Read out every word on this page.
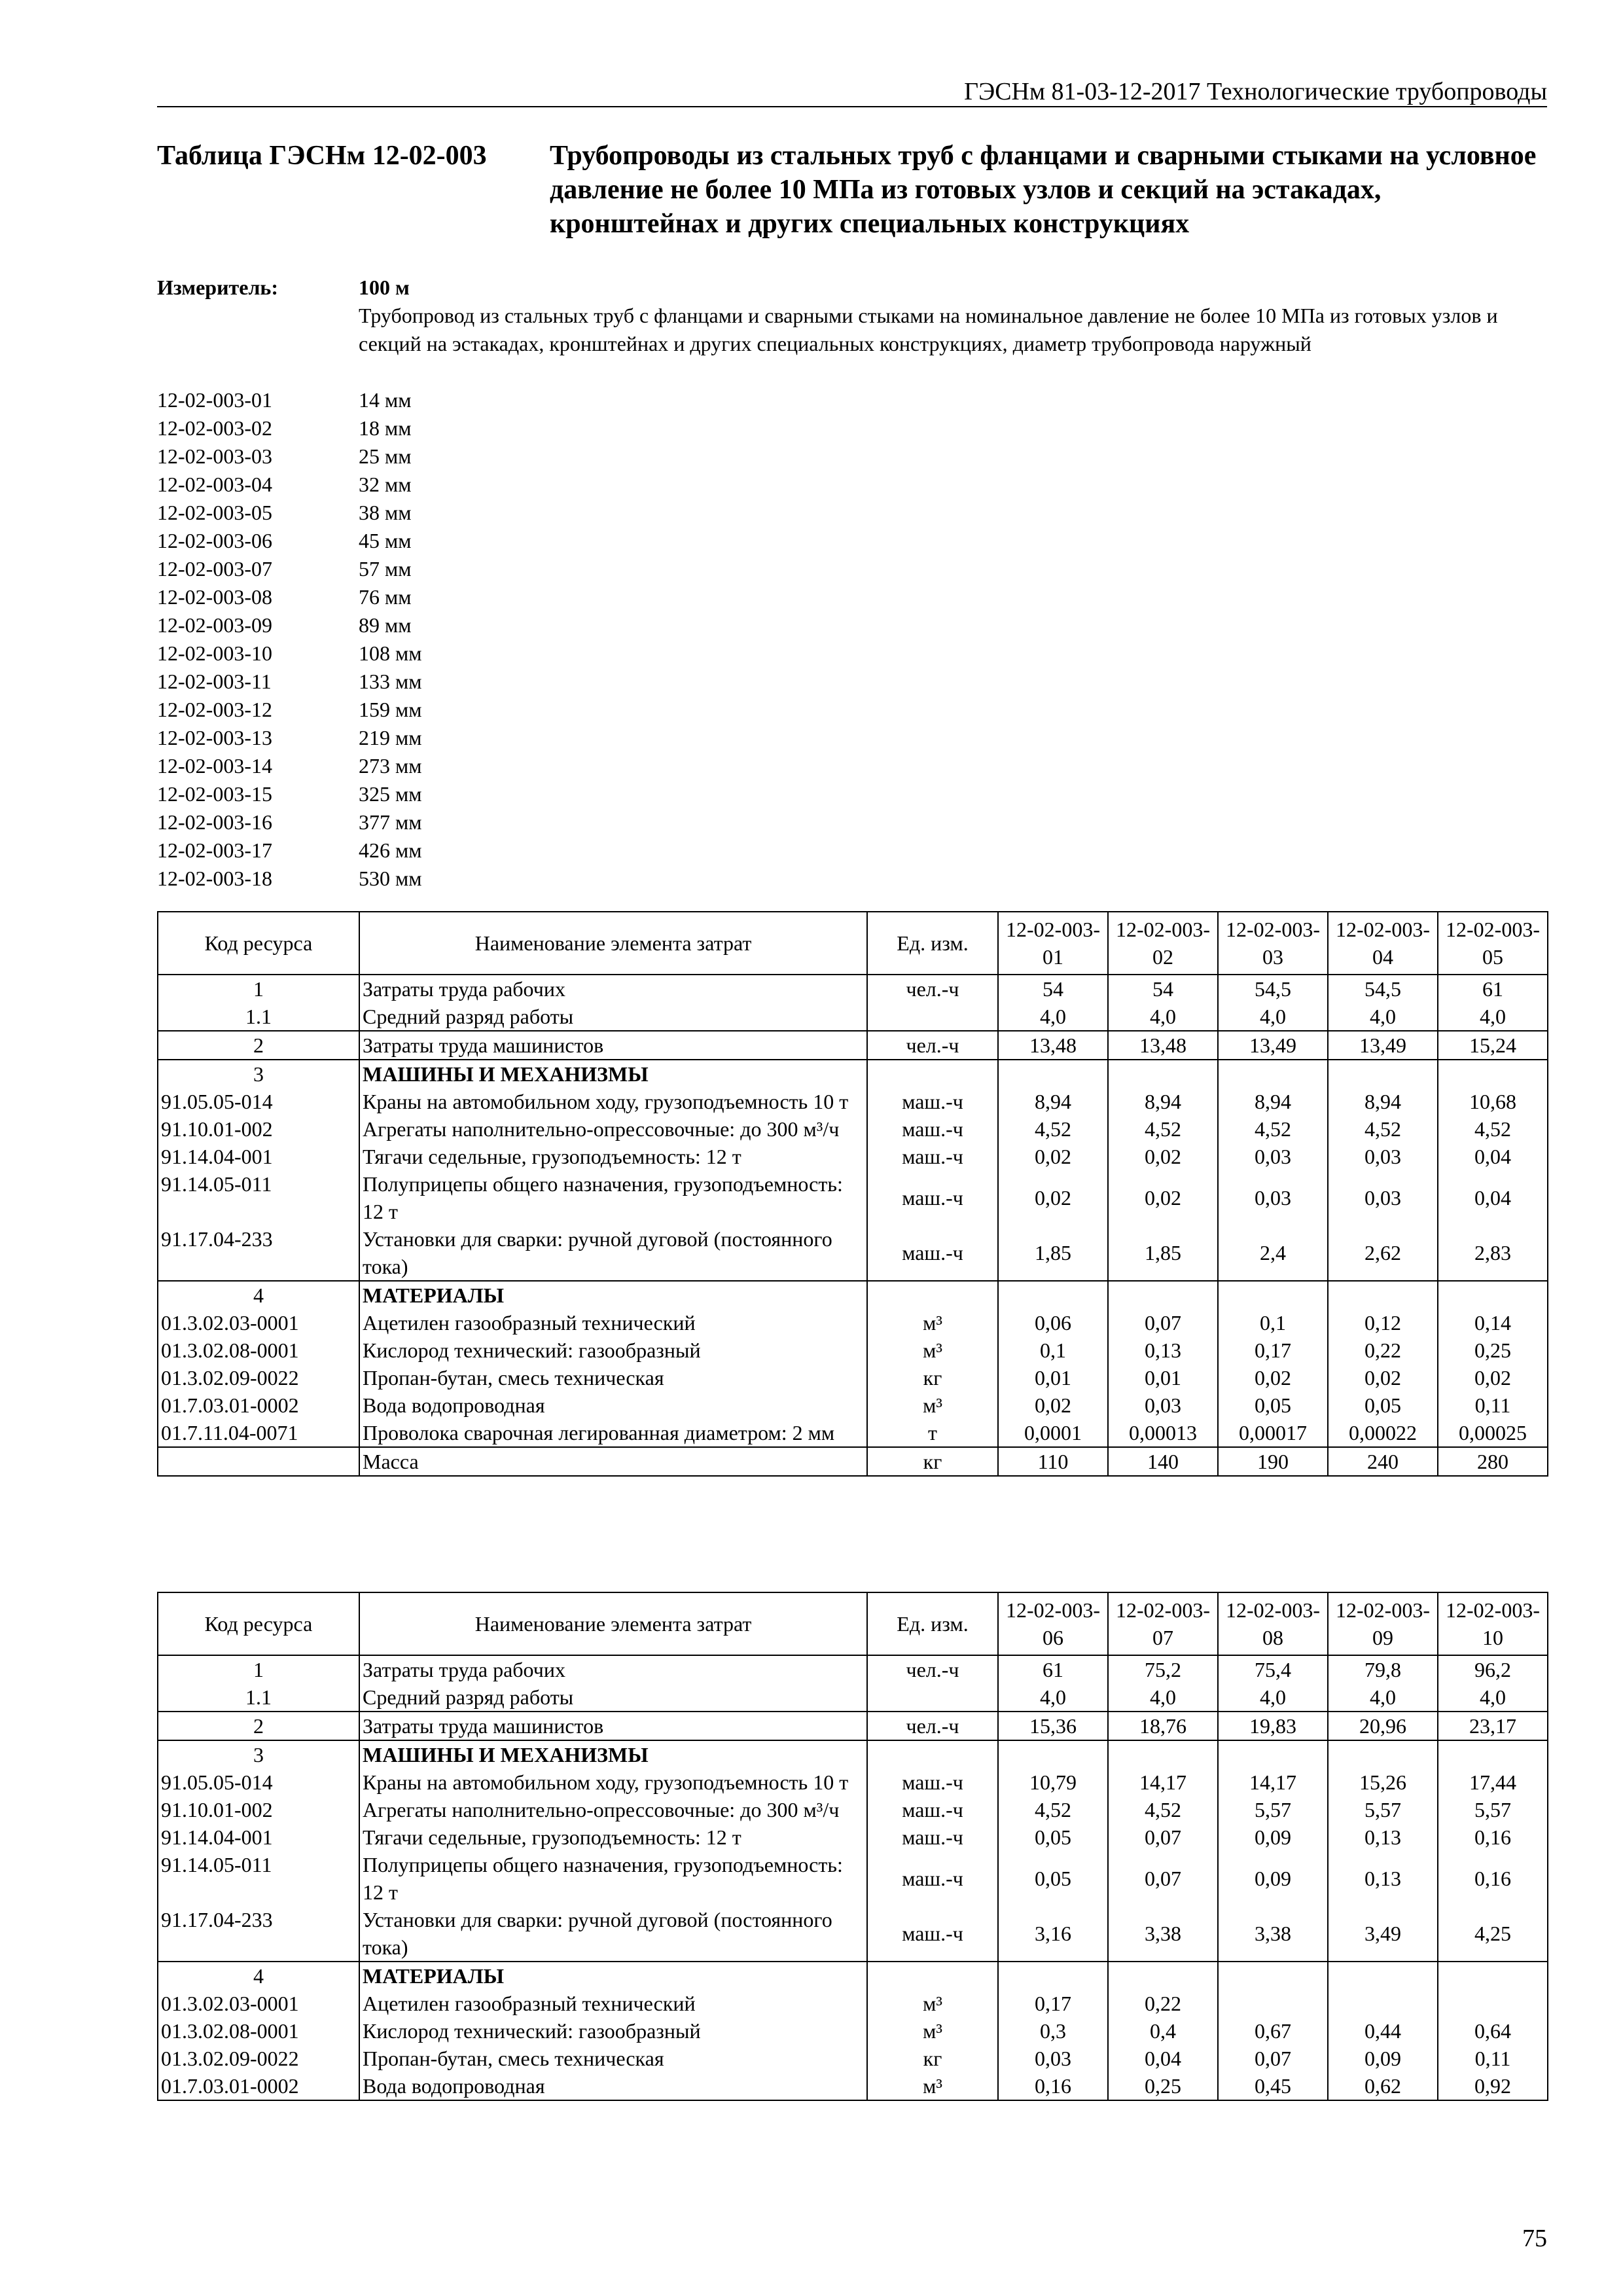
ГЭСНм 81-03-12-2017 Технологические трубопроводы
Таблица ГЭСНм 12-02-003	Трубопроводы из стальных труб с фланцами и сварными стыками на условное давление не более 10 МПа из готовых узлов и секций на эстакадах, кронштейнах и других специальных конструкциях
Измеритель:	100 м
Трубопровод из стальных труб с фланцами и сварными стыками на номинальное давление не более 10 МПа из готовых узлов и секций на эстакадах, кронштейнах и других специальных конструкциях, диаметр трубопровода наружный
12-02-003-01	14 мм
12-02-003-02	18 мм
12-02-003-03	25 мм
12-02-003-04	32 мм
12-02-003-05	38 мм
12-02-003-06	45 мм
12-02-003-07	57 мм
12-02-003-08	76 мм
12-02-003-09	89 мм
12-02-003-10	108 мм
12-02-003-11	133 мм
12-02-003-12	159 мм
12-02-003-13	219 мм
12-02-003-14	273 мм
12-02-003-15	325 мм
12-02-003-16	377 мм
12-02-003-17	426 мм
12-02-003-18	530 мм
Код ресурса	Наименование элемента затрат	Ед. изм.	12-02-003-01	12-02-003-02	12-02-003-03	12-02-003-04	12-02-003-05
1	Затраты труда рабочих	чел.-ч	54	54	54,5	54,5	61
1.1	Средний разряд работы		4,0	4,0	4,0	4,0	4,0
2	Затраты труда машинистов	чел.-ч	13,48	13,48	13,49	13,49	15,24
3	МАШИНЫ И МЕХАНИЗМЫ						
91.05.05-014	Краны на автомобильном ходу, грузоподъемность 10 т	маш.-ч	8,94	8,94	8,94	8,94	10,68
91.10.01-002	Агрегаты наполнительно-опрессовочные: до 300 м³/ч	маш.-ч	4,52	4,52	4,52	4,52	4,52
91.14.04-001	Тягачи седельные, грузоподъемность: 12 т	маш.-ч	0,02	0,02	0,03	0,03	0,04
91.14.05-011	Полуприцепы общего назначения, грузоподъемность: 12 т	маш.-ч	0,02	0,02	0,03	0,03	0,04
91.17.04-233	Установки для сварки: ручной дуговой (постоянного тока)	маш.-ч	1,85	1,85	2,4	2,62	2,83
4	МАТЕРИАЛЫ						
01.3.02.03-0001	Ацетилен газообразный технический	м³	0,06	0,07	0,1	0,12	0,14
01.3.02.08-0001	Кислород технический: газообразный	м³	0,1	0,13	0,17	0,22	0,25
01.3.02.09-0022	Пропан-бутан, смесь техническая	кг	0,01	0,01	0,02	0,02	0,02
01.7.03.01-0002	Вода водопроводная	м³	0,02	0,03	0,05	0,05	0,11
01.7.11.04-0071	Проволока сварочная легированная диаметром: 2 мм	т	0,0001	0,00013	0,00017	0,00022	0,00025
	Масса	кг	110	140	190	240	280
Код ресурса	Наименование элемента затрат	Ед. изм.	12-02-003-06	12-02-003-07	12-02-003-08	12-02-003-09	12-02-003-10
1	Затраты труда рабочих	чел.-ч	61	75,2	75,4	79,8	96,2
1.1	Средний разряд работы		4,0	4,0	4,0	4,0	4,0
2	Затраты труда машинистов	чел.-ч	15,36	18,76	19,83	20,96	23,17
3	МАШИНЫ И МЕХАНИЗМЫ						
91.05.05-014	Краны на автомобильном ходу, грузоподъемность 10 т	маш.-ч	10,79	14,17	14,17	15,26	17,44
91.10.01-002	Агрегаты наполнительно-опрессовочные: до 300 м³/ч	маш.-ч	4,52	4,52	5,57	5,57	5,57
91.14.04-001	Тягачи седельные, грузоподъемность: 12 т	маш.-ч	0,05	0,07	0,09	0,13	0,16
91.14.05-011	Полуприцепы общего назначения, грузоподъемность: 12 т	маш.-ч	0,05	0,07	0,09	0,13	0,16
91.17.04-233	Установки для сварки: ручной дуговой (постоянного тока)	маш.-ч	3,16	3,38	3,38	3,49	4,25
4	МАТЕРИАЛЫ						
01.3.02.03-0001	Ацетилен газообразный технический	м³	0,17	0,22			
01.3.02.08-0001	Кислород технический: газообразный	м³	0,3	0,4	0,67	0,44	0,64
01.3.02.09-0022	Пропан-бутан, смесь техническая	кг	0,03	0,04	0,07	0,09	0,11
01.7.03.01-0002	Вода водопроводная	м³	0,16	0,25	0,45	0,62	0,92
75
